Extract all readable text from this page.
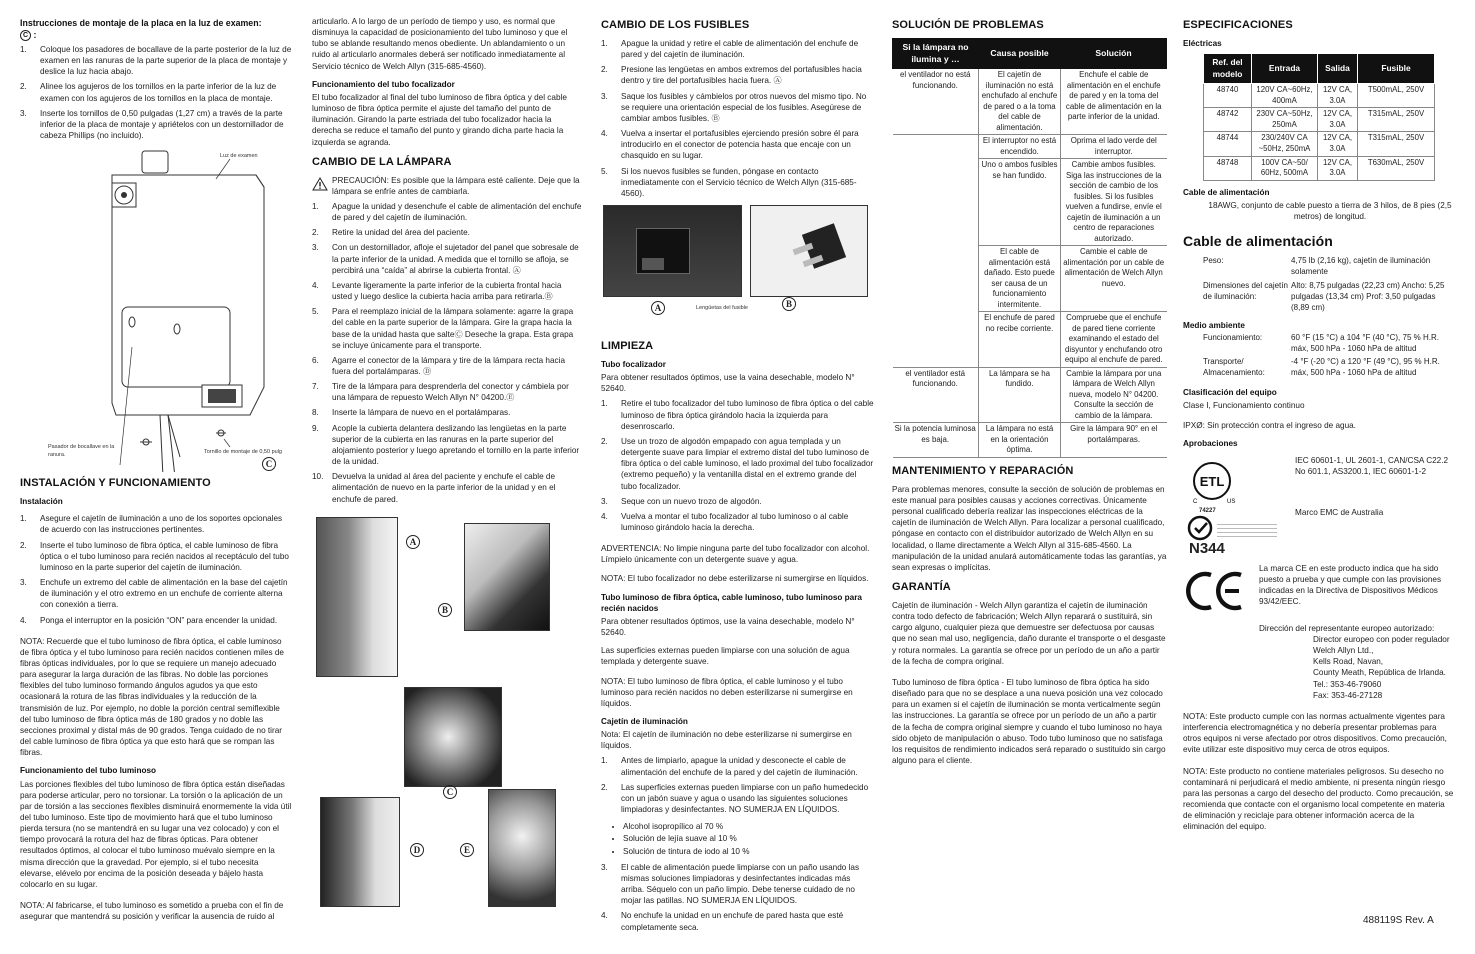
Instrucciones de montaje de la placa en la luz de examen:
C :
1.	Coloque los pasadores de bocallave de la parte posterior de la luz de examen en las ranuras de la parte superior de la placa de montaje y deslice la luz hacia abajo.
2.	Alinee los agujeros de los tornillos en la parte inferior de la luz de examen con los agujeros de los tornillos en la placa de montaje.
3.	Inserte los tornillos de 0,50 pulgadas (1,27 cm) a través de la parte inferior de la placa de montaje y apriételos con un destornillador de cabeza Phillips (no incluido).
Luz de examen
Pasador de bocallave en la ranura.	Tornillo de montaje de 0,50 pulg
C
INSTALACIÓN Y FUNCIONAMIENTO
Instalación
1.	Asegure el cajetín de iluminación a uno de los soportes opcionales de acuerdo con las instrucciones pertinentes.
2.	Inserte el tubo luminoso de fibra óptica, el cable luminoso de fibra óptica o el tubo luminoso para recién nacidos al receptáculo del tubo luminoso en la parte superior del cajetín de iluminación.
3.	Enchufe un extremo del cable de alimentación en la base del cajetín de iluminación y el otro extremo en un enchufe de corriente alterna con conexión a tierra.
4.	Ponga el interruptor en la posición “ON” para encender la unidad.

NOTA: Recuerde que el tubo luminoso de fibra óptica, el cable luminoso de fibra óptica y el tubo luminoso para recién nacidos contienen miles de fibras ópticas individuales, por lo que se requiere un manejo adecuado para asegurar la larga duración de las fibras. No doble las porciones flexibles del tubo luminoso formando ángulos agudos ya que esto ocasionará la rotura de las fibras individuales y la reducción de la transmisión de luz. Por ejemplo, no doble la porción central semiflexible del tubo luminoso de fibra óptica más de 180 grados y no doble las secciones proximal y distal más de 90 grados. Tenga cuidado de no tirar del cable luminoso de fibra óptica ya que esto hará que se rompan las fibras.

Funcionamiento del tubo luminoso

Las porciones flexibles del tubo luminoso de fibra óptica están diseñadas para poderse articular, pero no torsionar. La torsión o la aplicación de un par de torsión a las secciones flexibles disminuirá enormemente la vida útil del tubo luminoso. Este tipo de movimiento hará que el tubo luminoso pierda tersura (no se mantendrá en su lugar una vez colocado) y con el tiempo provocará la rotura del haz de fibras ópticas. Para obtener resultados óptimos, al colocar el tubo luminoso muévalo siempre en la misma dirección que la gravedad. Por ejemplo, si el tubo necesita elevarse, elévelo por encima de la posición deseada y bájelo hasta colocarlo en su lugar.

NOTA: Al fabricarse, el tubo luminoso es sometido a prueba con el fin de asegurar que mantendrá su posición y verificar la ausencia de ruido al

articularlo. A lo largo de un período de tiempo y uso, es normal que disminuya la capacidad de posicionamiento del tubo luminoso y que el tubo se ablande resultando menos obediente. Un ablandamiento o un ruido al articularlo anormales deberá ser notificado inmediatamente al Servicio técnico de Welch Allyn (315-685-4560).

Funcionamiento del tubo focalizador

El tubo focalizador al final del tubo luminoso de fibra óptica y del cable luminoso de fibra óptica permite el ajuste del tamaño del punto de iluminación. Girando la parte estriada del tubo focalizador hacia la derecha se reduce el tamaño del punto y girando dicha parte hacia la izquierda se agranda.

CAMBIO DE LA LÁMPARA
PRECAUCIÓN: Es posible que la lámpara esté caliente. Deje que la lámpara se enfríe antes de cambiarla.
1.	Apague la unidad y desenchufe el cable de alimentación del enchufe de pared y del cajetín de iluminación.
2.	Retire la unidad del área del paciente.
3.	Con un destornillador, afloje el sujetador del panel que sobresale de la parte inferior de la unidad. A medida que el tornillo se afloja, se percibirá una “caída” al abrirse la cubierta frontal. Ⓐ
4.	Levante ligeramente la parte inferior de la cubierta frontal hacia usted y luego deslice la cubierta hacia arriba para retirarla.Ⓑ
5.	Para el reemplazo inicial de la lámpara solamente: agarre la grapa del cable en la parte superior de la lámpara. Gire la grapa hacia la base de la unidad hasta que salteⒸ Deseche la grapa. Esta grapa se incluye únicamente para el transporte.
6.	Agarre el conector de la lámpara y tire de la lámpara recta hacia fuera del portalámparas. Ⓓ
7.	Tire de la lámpara para desprenderla del conector y cámbiela por una lámpara de repuesto Welch Allyn N° 04200.Ⓔ
8.	Inserte la lámpara de nuevo en el portalámparas.
9.	Acople la cubierta delantera deslizando las lengüetas en la parte superior de la cubierta en las ranuras en la parte superior del alojamiento posterior y luego apretando el tornillo en la parte inferior de la unidad.
10.	Devuelva la unidad al área del paciente y enchufe el cable de alimentación de nuevo en la parte inferior de la unidad y en el enchufe de pared.
A
B
C
D	E
CAMBIO DE LOS FUSIBLES
1.	Apague la unidad y retire el cable de alimentación del enchufe de pared y del cajetín de iluminación.
2.	Presione las lengüetas en ambos extremos del portafusibles hacia dentro y tire del portafusibles hacia fuera. Ⓐ
3.	Saque los fusibles y cámbielos por otros nuevos del mismo tipo. No se requiere una orientación especial de los fusibles. Asegúrese de cambiar ambos fusibles. Ⓑ
4.	Vuelva a insertar el portafusibles ejerciendo presión sobre él para introducirlo en el conector de potencia hasta que encaje con un chasquido en su lugar.
5.	Si los nuevos fusibles se funden, póngase en contacto inmediatamente con el Servicio técnico de Welch Allyn (315-685-4560).
A	Lengüetas del fusible	B
LIMPIEZA
Tubo focalizador

Para obtener resultados óptimos, use la vaina desechable, modelo N° 52640.

1.	Retire el tubo focalizador del tubo luminoso de fibra óptica o del cable luminoso de fibra óptica girándolo hacia la izquierda para desenroscarlo.
2.	Use un trozo de algodón empapado con agua templada y un detergente suave para limpiar el extremo distal del tubo luminoso de fibra óptica o del cable luminoso, el lado proximal del tubo focalizador (extremo pequeño) y la ventanilla distal en el extremo grande del tubo focalizador.
3.	Seque con un nuevo trozo de algodón.
4.	Vuelva a montar el tubo focalizador al tubo luminoso o al cable luminoso girándolo hacia la derecha.

ADVERTENCIA: No limpie ninguna parte del tubo focalizador con alcohol. Límpielo únicamente con un detergente suave y agua.

NOTA: El tubo focalizador no debe esterilizarse ni sumergirse en líquidos.

Tubo luminoso de fibra óptica, cable luminoso, tubo luminoso para recién nacidos

Para obtener resultados óptimos, use la vaina desechable, modelo N° 52640.

Las superficies externas pueden limpiarse con una solución de agua templada y detergente suave.

NOTA: El tubo luminoso de fibra óptica, el cable luminoso y el tubo luminoso para recién nacidos no deben esterilizarse ni sumergirse en líquidos.

Cajetín de iluminación

Nota: El cajetín de iluminación no debe esterilizarse ni sumergirse en líquidos.

1.	Antes de limpiarlo, apague la unidad y desconecte el cable de alimentación del enchufe de la pared y del cajetín de iluminación.
2.	Las superficies externas pueden limpiarse con un paño humedecido con un jabón suave y agua o usando las siguientes soluciones limpiadoras y desinfectantes. NO SUMERJA EN LÍQUIDOS.
• Alcohol isopropílico al 70 %
• Solución de lejía suave al 10 %
• Solución de tintura de iodo al 10 %
3.	El cable de alimentación puede limpiarse con un paño usando las mismas soluciones limpiadoras y desinfectantes indicadas más arriba. Séquelo con un paño limpio. Debe tenerse cuidado de no mojar las patillas. NO SUMERJA EN LÍQUIDOS.
4.	No enchufe la unidad en un enchufe de pared hasta que esté completamente seca.
SOLUCIÓN DE PROBLEMAS
Si la lámpara no ilumina y …	Causa posible	Solución
el ventilador no está funcionando.	El cajetín de iluminación no está enchufado al enchufe de pared o a la toma del cable de alimentación.	Enchufe el cable de alimentación en el enchufe de pared y en la toma del cable de alimentación en la parte inferior de la unidad.
	El interruptor no está encendido.	Oprima el lado verde del interruptor.
	Uno o ambos fusibles se han fundido.	Cambie ambos fusibles. Siga las instrucciones de la sección de cambio de los fusibles. Si los fusibles vuelven a fundirse, envíe el cajetín de iluminación a un centro de reparaciones autorizado.
	El cable de alimentación está dañado. Esto puede ser causa de un funcionamiento intermitente.	Cambie el cable de alimentación por un cable de alimentación de Welch Allyn nuevo.
	El enchufe de pared no recibe corriente.	Compruebe que el enchufe de pared tiene corriente examinando el estado del disyuntor y enchufando otro equipo al enchufe de pared.
el ventilador está funcionando.	La lámpara se ha fundido.	Cambie la lámpara por una lámpara de Welch Allyn nueva, modelo N° 04200. Consulte la sección de cambio de la lámpara.
Si la potencia luminosa es baja.	La lámpara no está en la orientación óptima.	Gire la lámpara 90° en el portalámparas.
MANTENIMIENTO Y REPARACIÓN

Para problemas menores, consulte la sección de solución de problemas en este manual para posibles causas y acciones correctivas. Únicamente personal cualificado debería realizar las inspecciones eléctricas de la cajetín de iluminación de Welch Allyn. Para localizar a personal cualificado, póngase en contacto con el distribuidor autorizado de Welch Allyn en su localidad, o llame directamente a Welch Allyn al 315-685-4560. La manipulación de la unidad anulará automáticamente todas las garantías, ya sean expresas o implícitas.

GARANTÍA

Cajetín de iluminación - Welch Allyn garantiza el cajetín de iluminación contra todo defecto de fabricación; Welch Allyn reparará o sustituirá, sin cargo alguno, cualquier pieza que demuestre ser defectuosa por causas que no sean mal uso, negligencia, daño durante el transporte o el desgaste y rotura normales. La garantía se ofrece por un período de un año a partir de la fecha de compra original.

Tubo luminoso de fibra óptica - El tubo luminoso de fibra óptica ha sido diseñado para que no se desplace a una nueva posición una vez colocado para un examen si el cajetín de iluminación se monta verticalmente según las instrucciones. La garantía se ofrece por un período de un año a partir de la fecha de compra original siempre y cuando el tubo luminoso no haya sido objeto de manipulación o abuso. Todo tubo luminoso que no satisfaga los requisitos de rendimiento indicados será reparado o sustituido sin cargo alguno para el cliente.

ESPECIFICACIONES
Eléctricas
Ref. del modelo	Entrada	Salida	Fusible
48740	120V CA~60Hz, 400mA	12V CA, 3.0A	T500mAL, 250V
48742	230V CA~50Hz, 250mA	12V CA, 3.0A	T315mAL, 250V
48744	230/240V CA ~50Hz, 250mA	12V CA, 3.0A	T315mAL, 250V
48748	100V CA~50/ 60Hz, 500mA	12V CA, 3.0A	T630mAL, 250V
Cable de alimentación

18AWG, conjunto de cable puesto a tierra de 3 hilos, de 8 pies (2,5 metros) de longitud.

Cable de alimentación
Peso:	4,75 lb (2,16 kg), cajetín de iluminación solamente
Dimensiones del cajetín de iluminación:
Alto: 8,75 pulgadas (22,23 cm) Ancho: 5,25 pulgadas (13,34 cm) Prof: 3,50 pulgadas (8,89 cm)
Medio ambiente
Funcionamiento:	60 °F (15 °C) a 104 °F (40 °C), 75 % H.R. máx, 500 hPa - 1060 hPa de altitud
Transporte/ Almacenamiento:
-4 °F (-20 °C) a 120 °F (49 °C), 95 % H.R. máx, 500 hPa - 1060 hPa de altitud
Clasificación del equipo

Clase I, Funcionamiento continuo

IPXØ: Sin protección contra el ingreso de agua.

Aprobaciones
ETL
C	US
74227

IEC 60601-1, UL 2601-1, CAN/CSA C22.2 No 601.1, AS3200.1, IEC 60601-1-2

N344

Marco EMC de Australia

La marca CE en este producto indica que ha sido puesto a prueba y que cumple con las provisiones indicadas en la Directiva de Dispositivos Médicos 93/42/EEC.

Dirección del representante europeo autorizado:

Director europeo con poder regulador
Welch Allyn Ltd.,
Kells Road, Navan,
County Meath, República de Irlanda.
Tel.: 353-46-79060
Fax: 353-46-27128

NOTA: Este producto cumple con las normas actualmente vigentes para interferencia electromagnética y no debería presentar problemas para otros equipos ni verse afectado por otros dispositivos. Como precaución, evite utilizar este dispositivo muy cerca de otros equipos.

NOTA: Este producto no contiene materiales peligrosos. Su desecho no contaminará ni perjudicará el medio ambiente, ni presenta ningún riesgo para las personas a cargo del desecho del producto. Como precaución, se recomienda que contacte con el organismo local competente en materia de eliminación y reciclaje para obtener información acerca de la eliminación del equipo.

488119S Rev. A
